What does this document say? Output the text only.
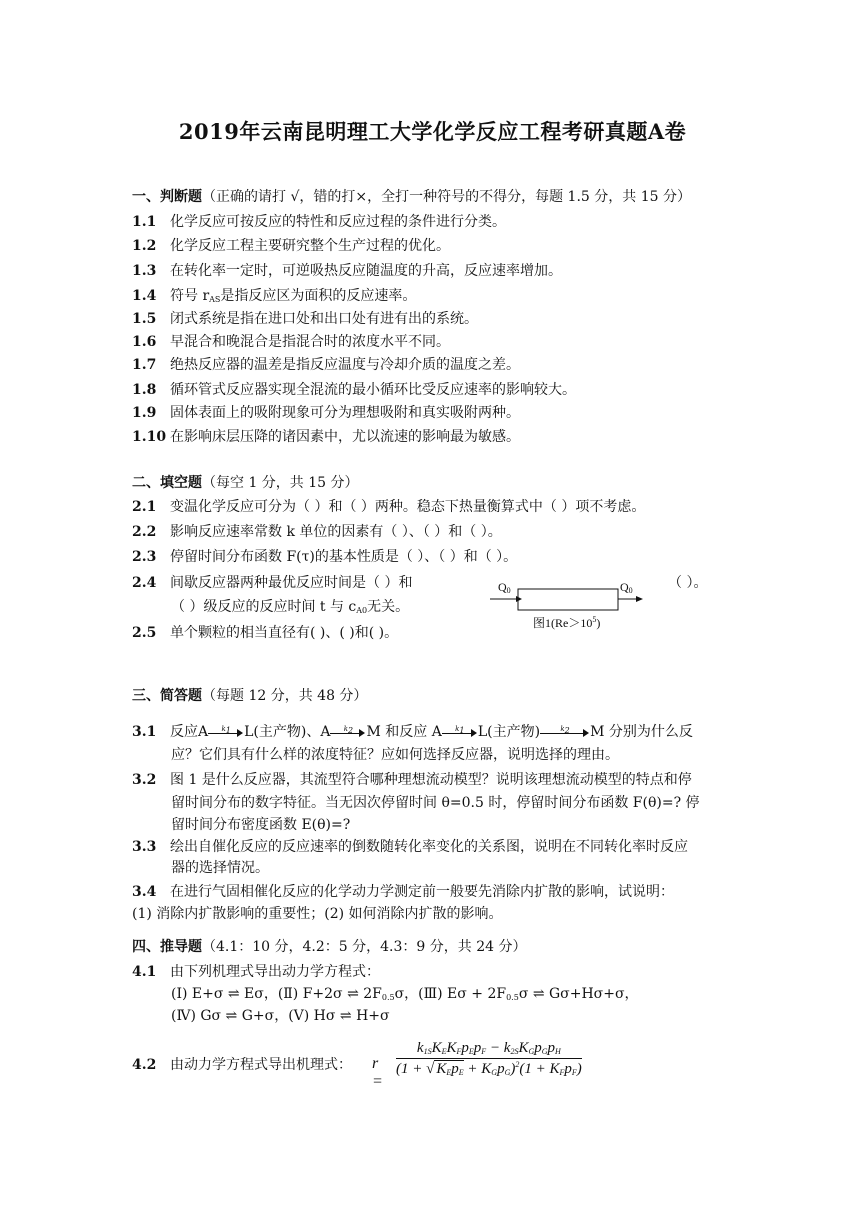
2019年云南昆明理工大学化学反应工程考研真题A卷
一、判断题（正确的请打 √，错的打×，全打一种符号的不得分，每题 1.5 分，共 15 分）
1.1 化学反应可按反应的特性和反应过程的条件进行分类。
1.2 化学反应工程主要研究整个生产过程的优化。
1.3 在转化率一定时，可逆吸热反应随温度的升高，反应速率增加。
1.4 符号 $r_{AS}$是指反应区为面积的反应速率。
1.5 闭式系统是指在进口处和出口处有进有出的系统。
1.6 早混合和晚混合是指混合时的浓度水平不同。
1.7 绝热反应器的温差是指反应温度与冷却介质的温度之差。
1.8 循环管式反应器实现全混流的最小循环比受反应速率的影响较大。
1.9 固体表面上的吸附现象可分为理想吸附和真实吸附两种。
1.10 在影响床层压降的诸因素中，尤以流速的影响最为敏感。
二、填空题（每空 1 分，共 15 分）
2.1 变温化学反应可分为（ ）和（ ）两种。稳态下热量衡算式中（ ）项不考虑。
2.2 影响反应速率常数 k 单位的因素有（ ）、（ ）和（ ）。
2.3 停留时间分布函数 F(τ)的基本性质是（ ）、（ ）和（ ）。
2.4 间歇反应器两种最优反应时间是（ ）和	（ ）。
（ ）级反应的反应时间 t 与 $c_{A0}$无关。
2.5 单个颗粒的相当直径有( )、( )和( )。
$Q_0$	$Q_0$
图$1(Re>10^5)$
三、简答题（每题 12 分，共 48 分）
3.1 反应A	$k_1$ L(主产物)、A	$k_2$ M 和反应 A	$k_1$ L(主产物)	$k_2$	M 分别为什么反
应？它们具有什么样的浓度特征？应如何选择反应器，说明选择的理由。
3.2 图 1 是什么反应器，其流型符合哪种理想流动模型？说明该理想流动模型的特点和停
留时间分布的数字特征。当无因次停留时间 θ=0.5 时，停留时间分布函数 F(θ)=? 停
留时间分布密度函数 E(θ)=?
3.3 绘出自催化反应的反应速率的倒数随转化率变化的关系图，说明在不同转化率时反应
器的选择情况。
3.4 在进行气固相催化反应的化学动力学测定前一般要先消除内扩散的影响，试说明：
(1) 消除内扩散影响的重要性；(2) 如何消除内扩散的影响。
四、推导题（4.1：10 分，4.2：5 分，4.3：9 分，共 24 分）
4.1 由下列机理式导出动力学方程式：
(Ⅰ) E+σ ⇌ Eσ，(Ⅱ) F+2σ ⇌ $2F_{0.5}\sigma$，(Ⅲ) $E\sigma + 2F_{0.5}\sigma$ ⇌ Gσ+Hσ+σ，
(Ⅳ) Gσ ⇌ G+σ，(Ⅴ) Hσ ⇌ H+σ
4.2 由动力学方程式导出机理式： r =
$k_{1S}K_EK_Fp_Ep_F - k_{2S}K_Gp_Gp_H$
(1 + √ $K_Ep_E + K_Gp_G)^2(1 + K_Fp_F)$
